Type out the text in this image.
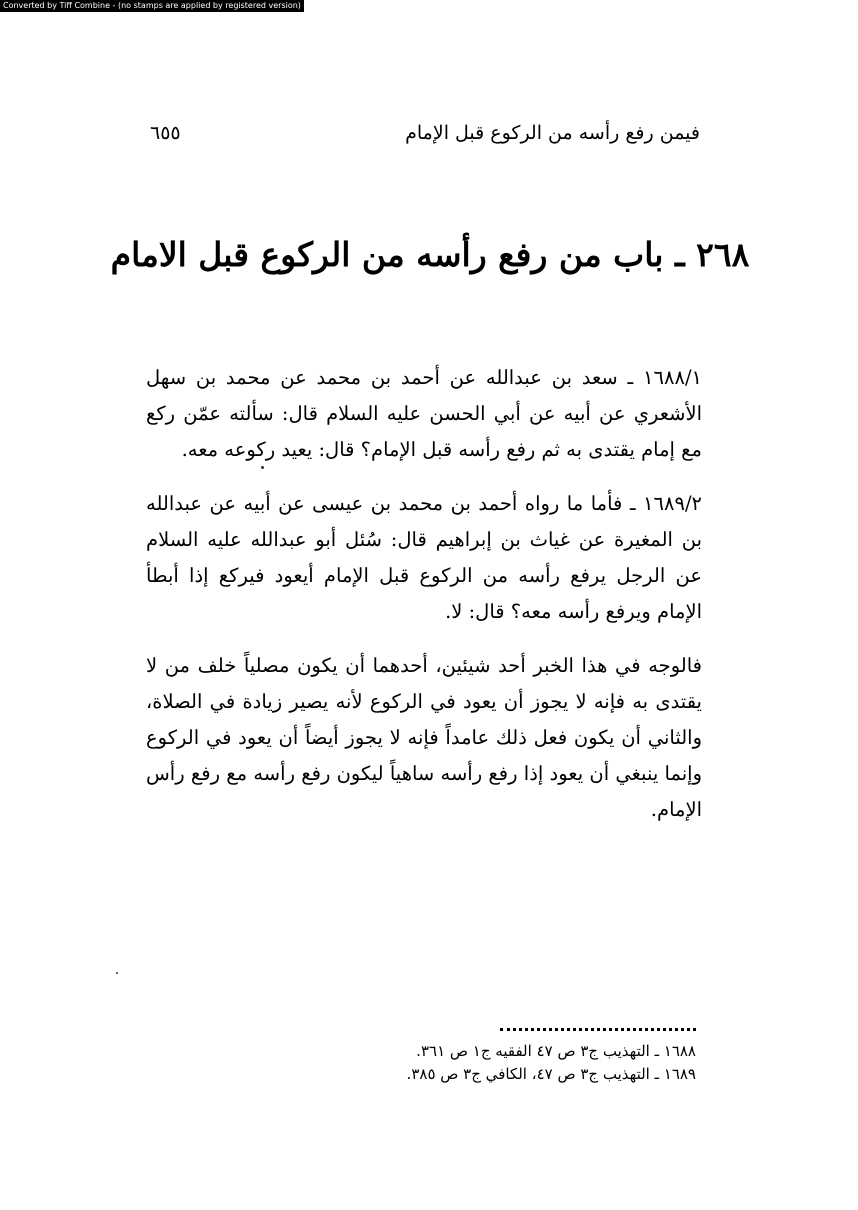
Converted by Tiff Combine - (no stamps are applied by registered version)
فيمن رفع رأسه من الركوع قبل الإمام
٦٥٥
٢٦٨ ـ باب من رفع رأسه من الركوع قبل الامام

١٦٨٨/١ ـ سعد بن عبدالله عن أحمد بن محمد عن محمد بن سهل الأشعري عن أبيه عن أبي الحسن عليه السلام قال: سألته عمّن ركع مع إمام يقتدى به ثم رفع رأسه قبل الإمام؟ قال: يعيد ركوعه معه.

١٦٨٩/٢ ـ فأما ما رواه أحمد بن محمد بن عيسى عن أبيه عن عبدالله بن المغيرة عن غياث بن إبراهيم قال: سُئل أبو عبدالله عليه السلام عن الرجل يرفع رأسه من الركوع قبل الإمام أيعود فيركع إذا أبطأ الإمام ويرفع رأسه معه؟ قال: لا.

فالوجه في هذا الخبر أحد شيئين، أحدهما أن يكون مصلياً خلف من لا يقتدى به فإنه لا يجوز أن يعود في الركوع لأنه يصير زيادة في الصلاة، والثاني أن يكون فعل ذلك عامداً فإنه لا يجوز أيضاً أن يعود في الركوع وإنما ينبغي أن يعود إذا رفع رأسه ساهياً ليكون رفع رأسه مع رفع رأس الإمام.

١٦٨٨ ـ التهذيب ج٣ ص ٤٧ الفقيه ج١ ص ٣٦١.
١٦٨٩ ـ التهذيب ج٣ ص ٤٧، الكافي ج٣ ص ٣٨٥.
